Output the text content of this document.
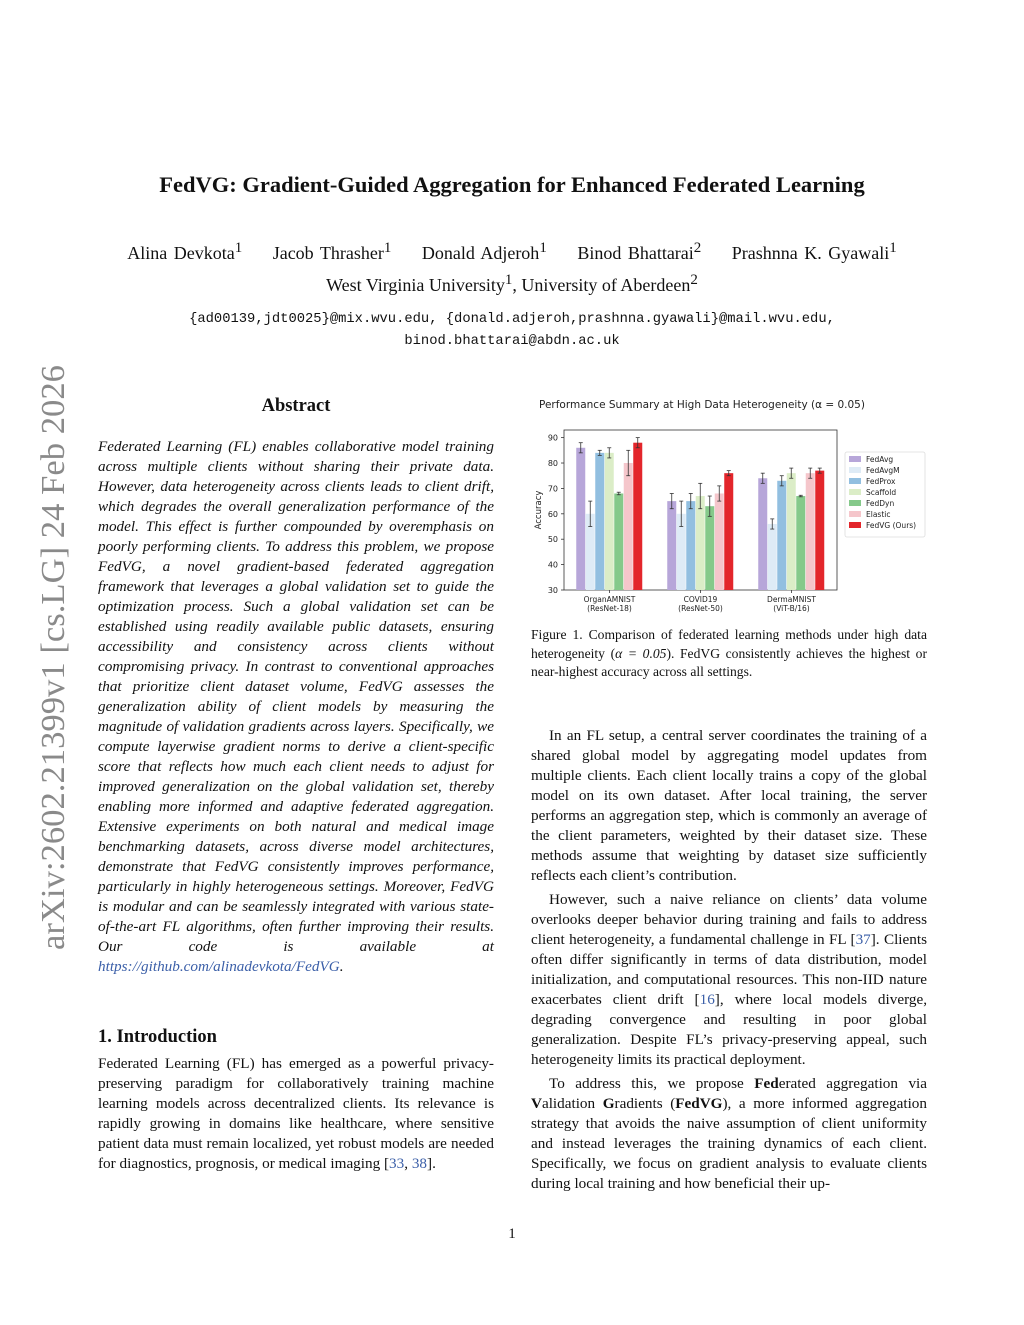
arXiv:2602.21399v1 [cs.LG] 24 Feb 2026
FedVG: Gradient-Guided Aggregation for Enhanced Federated Learning
Alina Devkota$^1$ Jacob Thrasher$^1$ Donald Adjeroh$^1$ Binod Bhattarai$^2$ Prashnna K. Gyawali$^1$
West Virginia University$^1$, University of Aberdeen$^2$
{ad00139,jdt0025}@mix.wvu.edu, {donald.adjeroh,prashnna.gyawali}@mail.wvu.edu,
binod.bhattarai@abdn.ac.uk
Abstract

Federated Learning (FL) enables collaborative model training across multiple clients without sharing their private data. However, data heterogeneity across clients leads to client drift, which degrades the overall generalization performance of the model. This effect is further compounded by overemphasis on poorly performing clients. To address this problem, we propose FedVG, a novel gradient-based federated aggregation framework that leverages a global validation set to guide the optimization process. Such a global validation set can be established using readily available public datasets, ensuring accessibility and consistency across clients without compromising privacy. In contrast to conventional approaches that prioritize client dataset volume, FedVG assesses the generalization ability of client models by measuring the magnitude of validation gradients across layers. Specifically, we compute layerwise gradient norms to derive a client-specific score that reflects how much each client needs to adjust for improved generalization on the global validation set, thereby enabling more informed and adaptive federated aggregation. Extensive experiments on both natural and medical image benchmarking datasets, across diverse model architectures, demonstrate that FedVG consistently improves performance, particularly in highly heterogeneous settings. Moreover, FedVG is modular and can be seamlessly integrated with various state-of-the-art FL algorithms, often further improving their results. Our code is available at https://github.com/alinadevkota/FedVG.

1. Introduction

Federated Learning (FL) has emerged as a powerful privacy-preserving paradigm for collaboratively training machine learning models across decentralized clients. Its relevance is rapidly growing in domains like healthcare, where sensitive patient data must remain localized, yet robust models are needed for diagnostics, prognosis, or medical imaging [33, 38].

Performance Summary at High Data Heterogeneity (α = 0.05)
30
40
50
60
70
80
90
Accuracy
OrganAMNIST
(ResNet-18)
COVID19
(ResNet-50)
DermaMNIST
(ViT-B/16)
FedAvg
FedAvgM
FedProx
Scaffold
FedDyn
Elastic
FedVG (Ours)

Figure 1. Comparison of federated learning methods under high data heterogeneity (α = 0.05). FedVG consistently achieves the highest or near-highest accuracy across all settings.

In an FL setup, a central server coordinates the training of a shared global model by aggregating model updates from multiple clients. Each client locally trains a copy of the global model on its own dataset. After local training, the server performs an aggregation step, which is commonly an average of the client parameters, weighted by their dataset size. These methods assume that weighting by dataset size sufficiently reflects each client’s contribution.

However, such a naive reliance on clients’ data volume overlooks deeper behavior during training and fails to address client heterogeneity, a fundamental challenge in FL [37]. Clients often differ significantly in terms of data distribution, model initialization, and computational resources. This non-IID nature exacerbates client drift [16], where local models diverge, degrading convergence and resulting in poor global generalization. Despite FL’s privacy-preserving appeal, such heterogeneity limits its practical deployment.

To address this, we propose Federated aggregation via Validation Gradients (FedVG), a more informed aggregation strategy that avoids the naive assumption of client uniformity and instead leverages the training dynamics of each client. Specifically, we focus on gradient analysis to evaluate clients during local training and how beneficial their up-

1
